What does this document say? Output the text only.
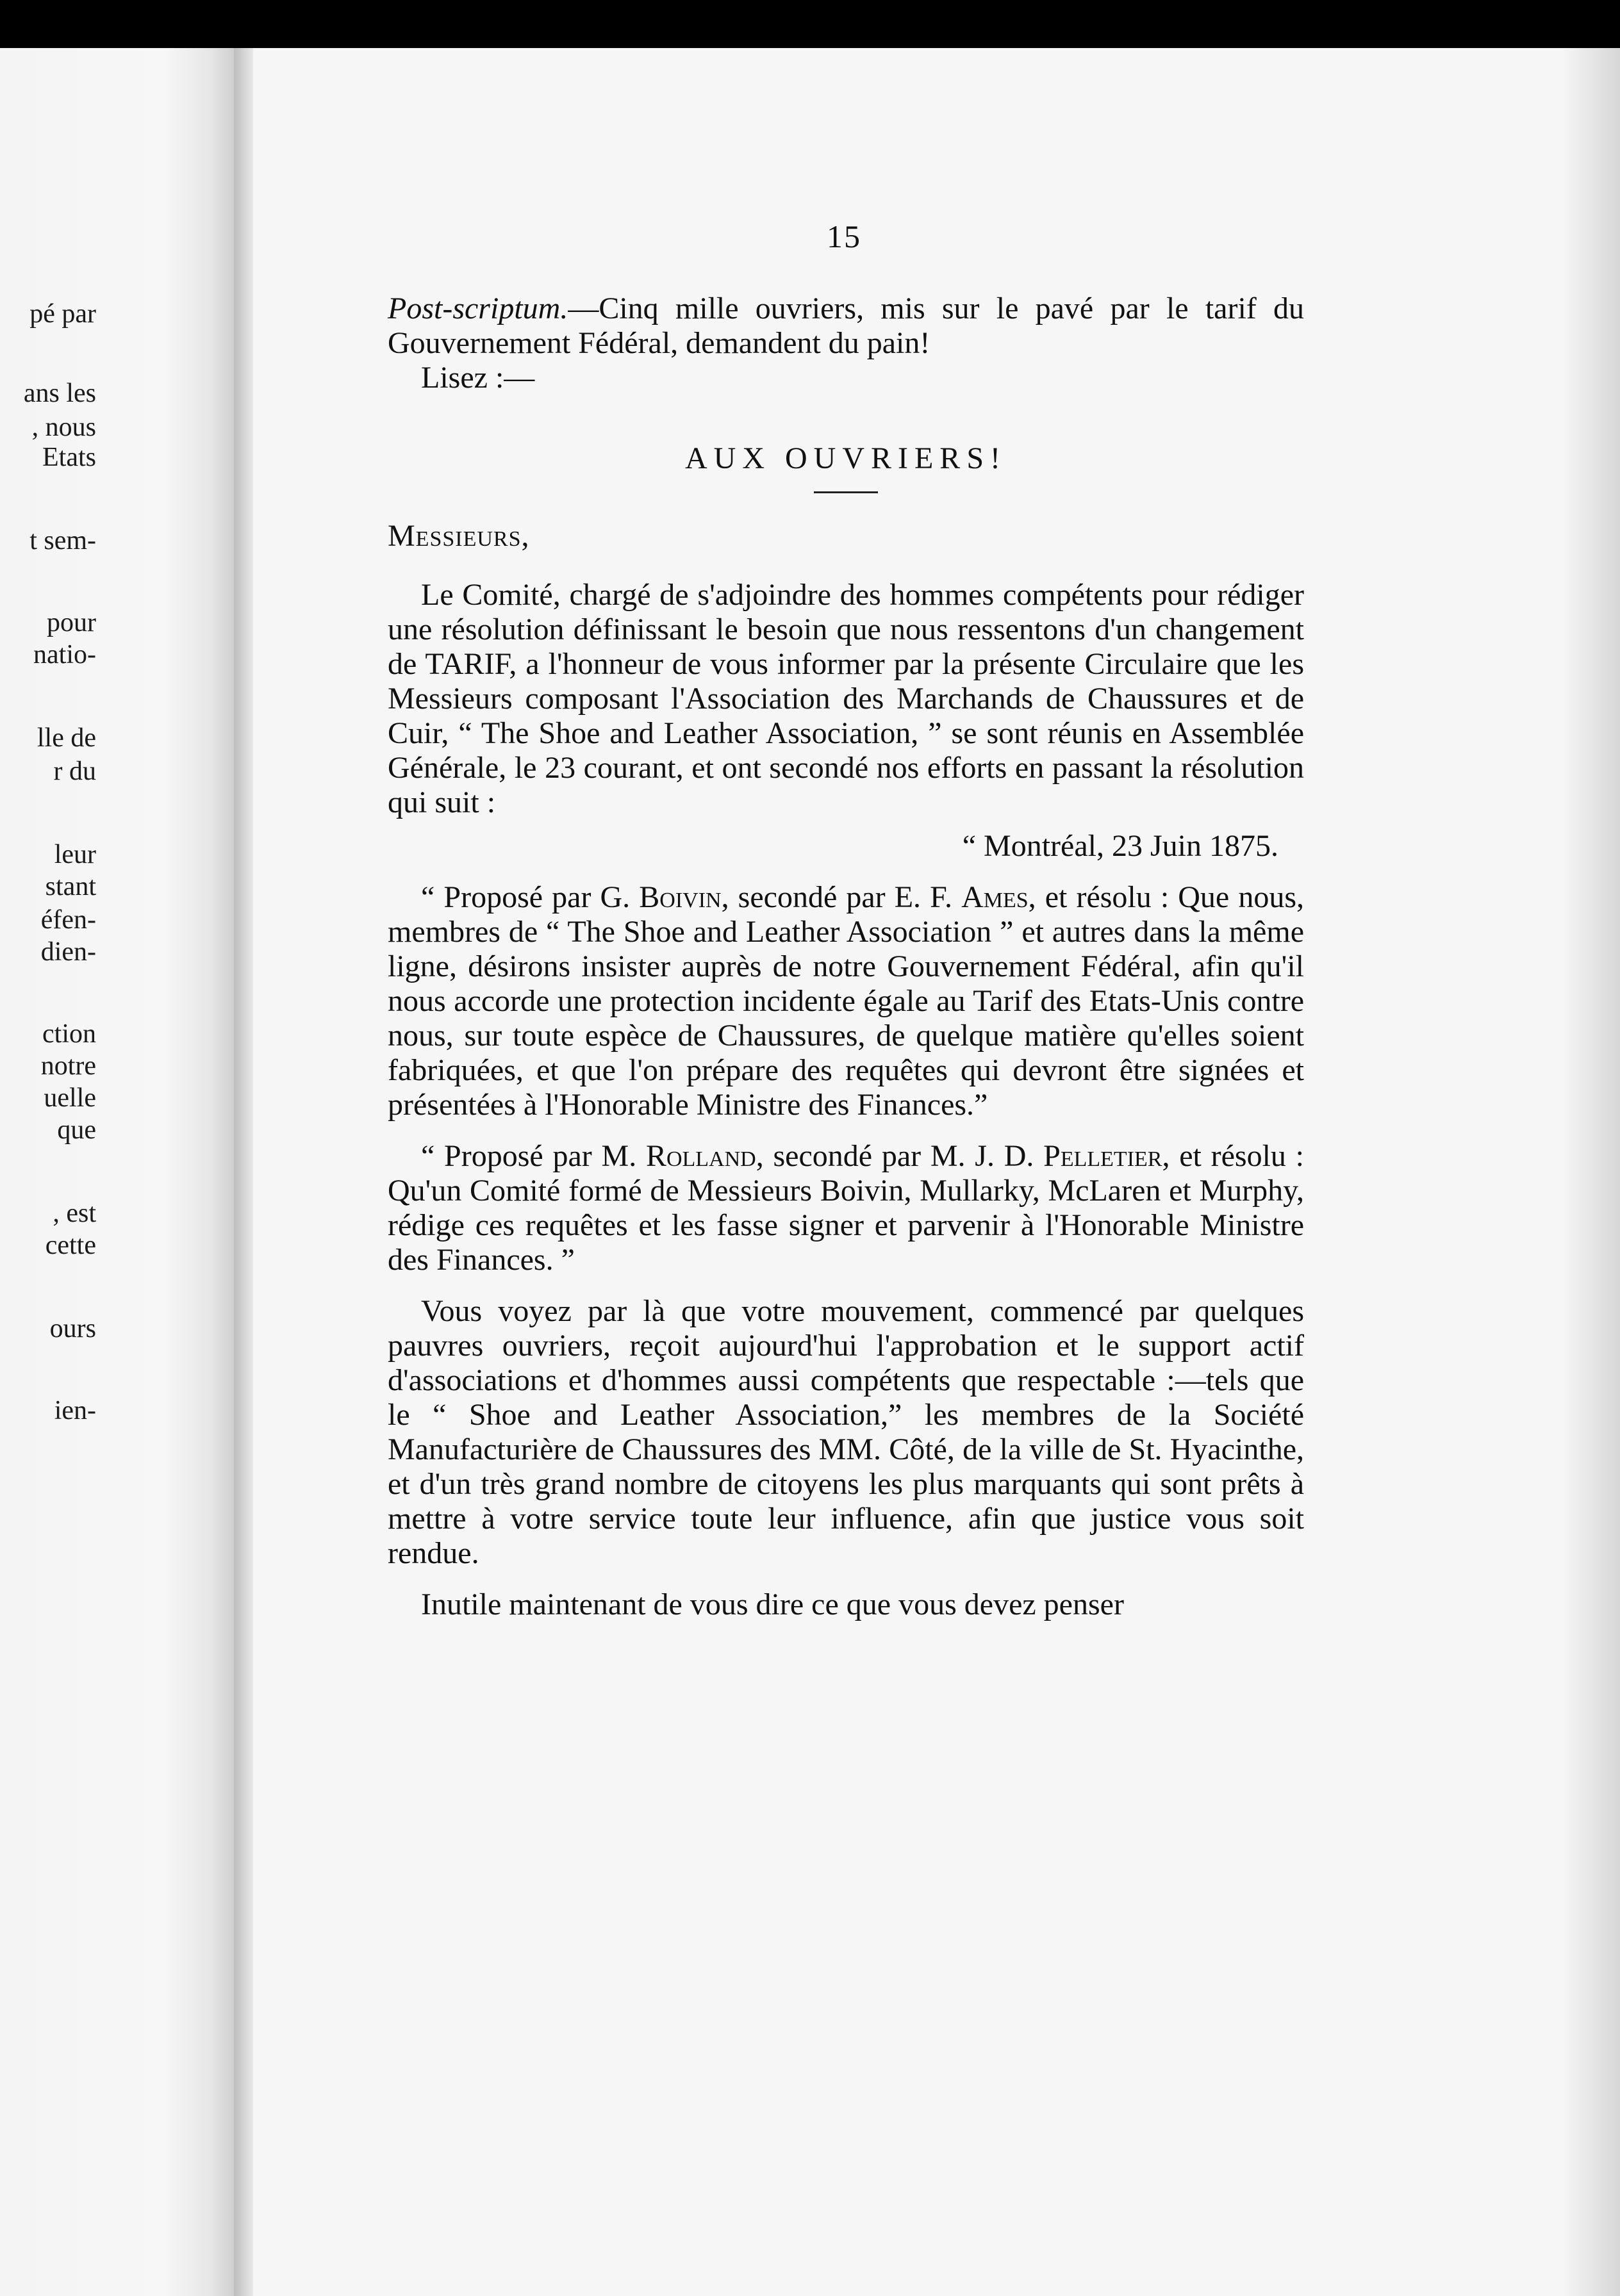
pé par
ans les
, nous
Etats
t sem-
pour
natio-
lle de
r du
leur
stant
éfen-
dien-
ction
notre
uelle
que
, est
cette
ours
ien-
15

Post-scriptum.—Cinq mille ouvriers, mis sur le pavé par le tarif du Gouvernement Fédéral, demandent du pain!

Lisez :—

AUX OUVRIERS!

Messieurs,

Le Comité, chargé de s'adjoindre des hommes compétents pour rédiger une résolution définissant le besoin que nous ressentons d'un changement de TARIF, a l'honneur de vous informer par la présente Circulaire que les Messieurs composant l'Association des Marchands de Chaussures et de Cuir, “ The Shoe and Leather Association, ” se sont réunis en Assemblée Générale, le 23 courant, et ont secondé nos efforts en passant la résolution qui suit :

“ Montréal, 23 Juin 1875.

“ Proposé par G. Boivin, secondé par E. F. Ames, et résolu : Que nous, membres de “ The Shoe and Leather Association ” et autres dans la même ligne, désirons insister auprès de notre Gouvernement Fédéral, afin qu'il nous accorde une protection incidente égale au Tarif des Etats-Unis contre nous, sur toute espèce de Chaussures, de quelque matière qu'elles soient fabriquées, et que l'on prépare des requêtes qui devront être signées et présentées à l'Honorable Ministre des Finances.”

“ Proposé par M. Rolland, secondé par M. J. D. Pelletier, et résolu : Qu'un Comité formé de Messieurs Boivin, Mullarky, McLaren et Murphy, rédige ces requêtes et les fasse signer et parvenir à l'Honorable Ministre des Finances. ”

Vous voyez par là que votre mouvement, commencé par quelques pauvres ouvriers, reçoit aujourd'hui l'approbation et le support actif d'associations et d'hommes aussi compétents que respectable :—tels que le “ Shoe and Leather Association,” les membres de la Société Manufacturière de Chaussures des MM. Côté, de la ville de St. Hyacinthe, et d'un très grand nombre de citoyens les plus marquants qui sont prêts à mettre à votre service toute leur influence, afin que justice vous soit rendue.

Inutile maintenant de vous dire ce que vous devez penser
